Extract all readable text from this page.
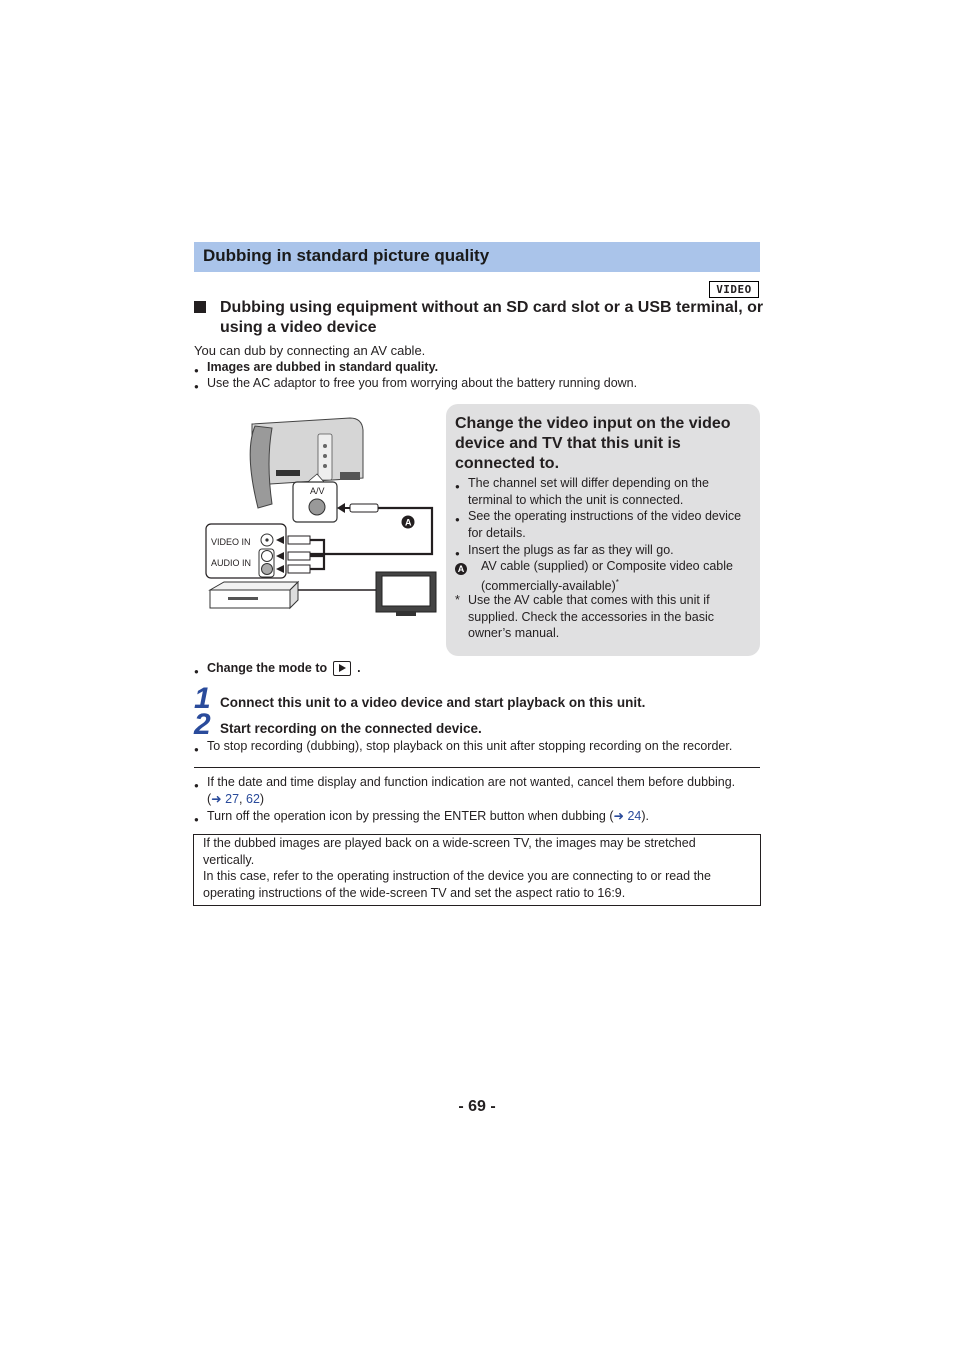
Dubbing in standard picture quality
VIDEO
Dubbing using equipment without an SD card slot or a USB terminal, or using a video device
You can dub by connecting an AV cable.
● Images are dubbed in standard quality.
● Use the AC adaptor to free you from worrying about the battery running down.
A/V
A
VIDEO IN
AUDIO IN
Change the video input on the video device and TV that this unit is connected to.
● The channel set will differ depending on the
terminal to which the unit is connected.
● See the operating instructions of the video device
for details.
● Insert the plugs as far as they will go.
A AV cable (supplied) or Composite video cable
(commercially-available)*
* Use the AV cable that comes with this unit if
supplied. Check the accessories in the basic
owner’s manual.
● Change the mode to .
1 Connect this unit to a video device and start playback on this unit.
2 Start recording on the connected device.
● To stop recording (dubbing), stop playback on this unit after stopping recording on the recorder.
● If the date and time display and function indication are not wanted, cancel them before dubbing.
(➜ 27, 62)
● Turn off the operation icon by pressing the ENTER button when dubbing (➜ 24).
If the dubbed images are played back on a wide-screen TV, the images may be stretched
vertically.
In this case, refer to the operating instruction of the device you are connecting to or read the
operating instructions of the wide-screen TV and set the aspect ratio to 16:9.
- 69 -
